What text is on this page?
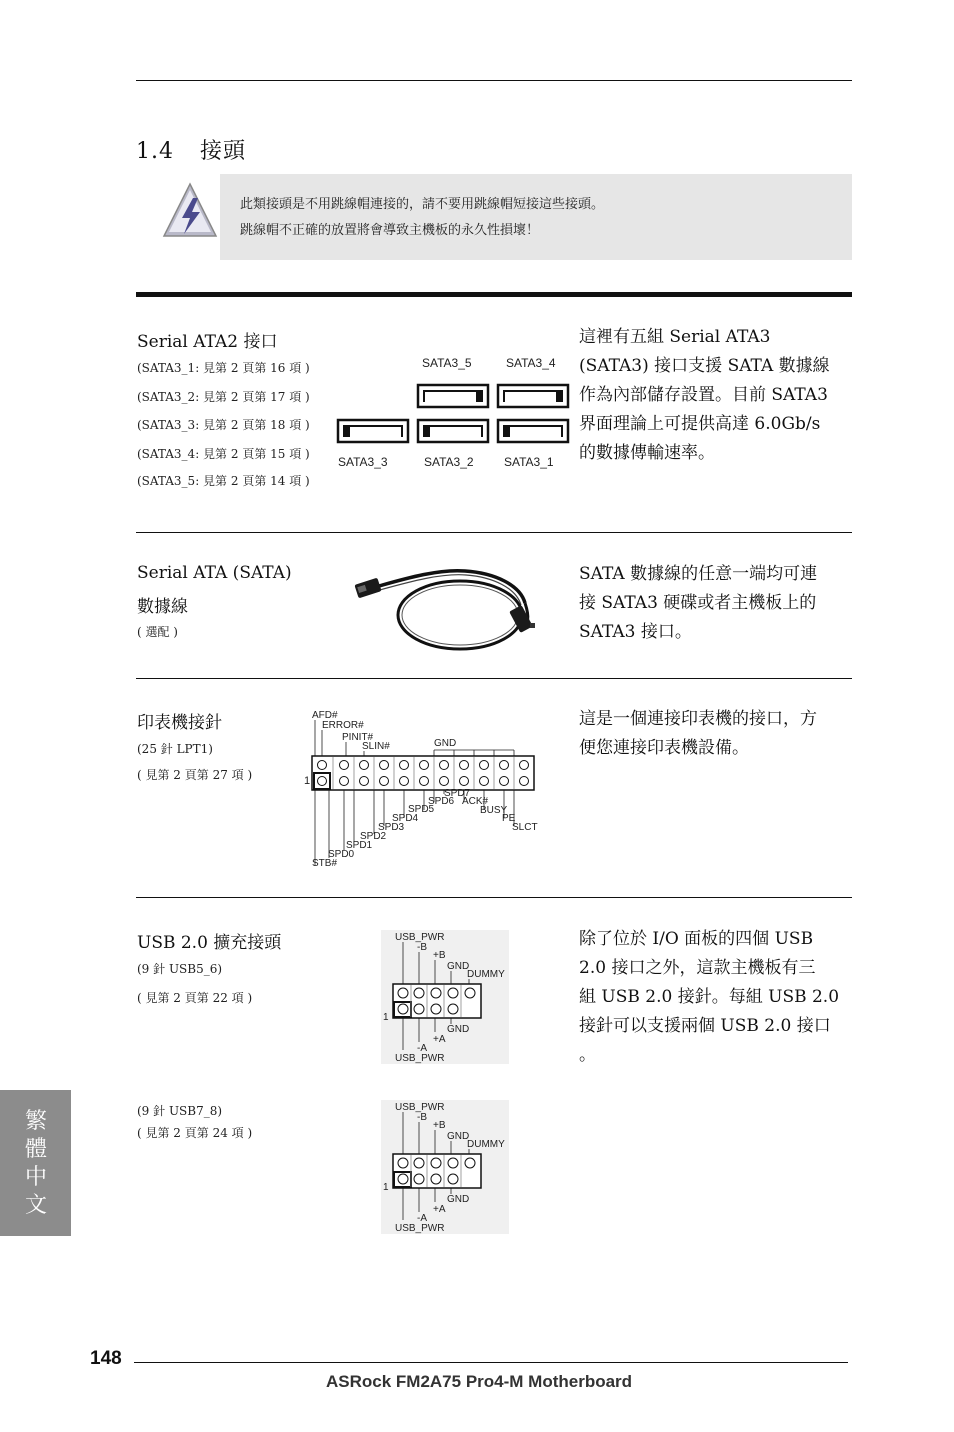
1.4 接頭
此類接頭是不用跳線帽連接的，請不要用跳線帽短接這些接頭。
跳線帽不正確的放置將會導致主機板的永久性損壞！
Serial ATA2 接口
(SATA3_1: 見第 2 頁第 16 項 )
(SATA3_2: 見第 2 頁第 17 項 )
(SATA3_3: 見第 2 頁第 18 項 )
(SATA3_4: 見第 2 頁第 15 項 )
(SATA3_5: 見第 2 頁第 14 項 )
SATA3_5	SATA3_4
SATA3_3	SATA3_2	SATA3_1
這裡有五組 Serial ATA3
(SATA3) 接口支援 SATA 數據線
作為內部儲存設置。目前 SATA3
界面理論上可提供高達 6.0Gb/s
的數據傳輸速率。
Serial ATA (SATA)
數據線
( 選配 )
SATA 數據線的任意一端均可連
接 SATA3 硬碟或者主機板上的
SATA3 接口。
印表機接針
(25 針 LPT1)
( 見第 2 頁第 27 項 )
AFD#
ERROR#
PINIT#
SLIN#	GND
1
SPD7
SPD6 ACK#
SPD5	BUSY
SPD4	PE
SPD3	SLCT
SPD2
SPD1
SPD0
STB#
這是一個連接印表機的接口，方
便您連接印表機設備。
USB 2.0 擴充接頭
(9 針 USB5_6)
( 見第 2 頁第 22 項 )
USB_PWR
-B
+B
GND
DUMMY
1
GND
+A
-A
USB_PWR
除了位於 I/O 面板的四個 USB
2.0 接口之外，這款主機板有三
組 USB 2.0 接針。每組 USB 2.0
接針可以支援兩個 USB 2.0 接口
。
(9 針 USB7_8)
( 見第 2 頁第 24 項 )
USB_PWR
-B
+B
GND
DUMMY
1
GND
+A
-A
USB_PWR
繁體中文
148
ASRock FM2A75 Pro4-M Motherboard
